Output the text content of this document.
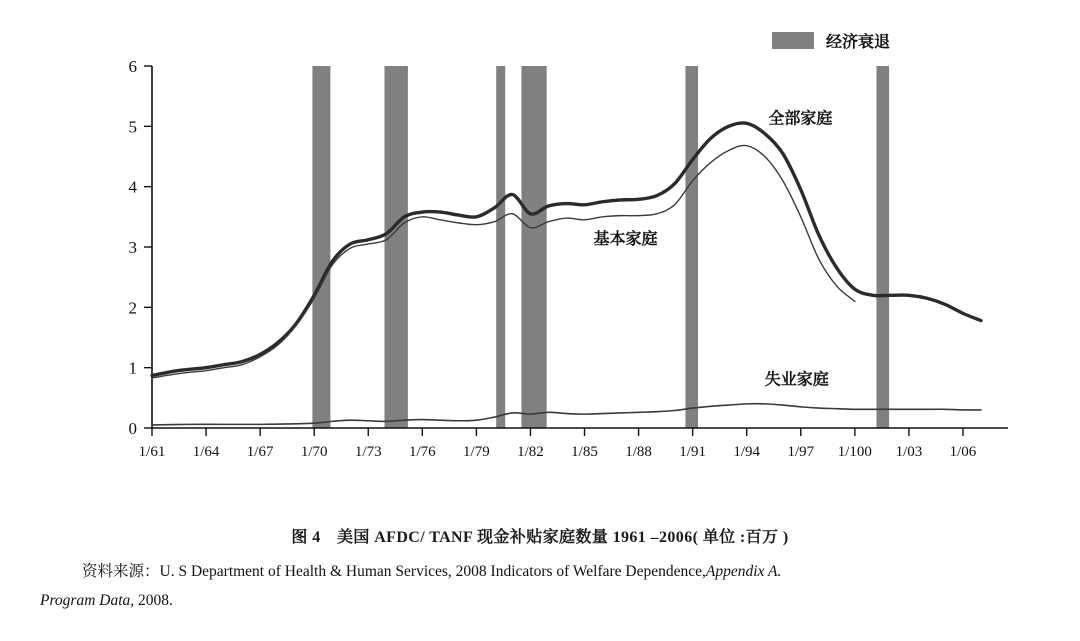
0
1
2
3
4
5
6
1/61 1/64 1/67 1/70 1/73 1/76 1/79 1/82 1/85 1/88 1/91 1/94 1/97 1/100 1/03 1/06
全部家庭
基本家庭
失业家庭
经济衰退
图 4　美国 AFDC/ TANF 现金补贴家庭数量 1961 –2006( 单位 :百万 )
资料来源：U. S Department of Health & Human Services, 2008 Indicators of Welfare Dependence,Appendix A.
Program Data, 2008.
